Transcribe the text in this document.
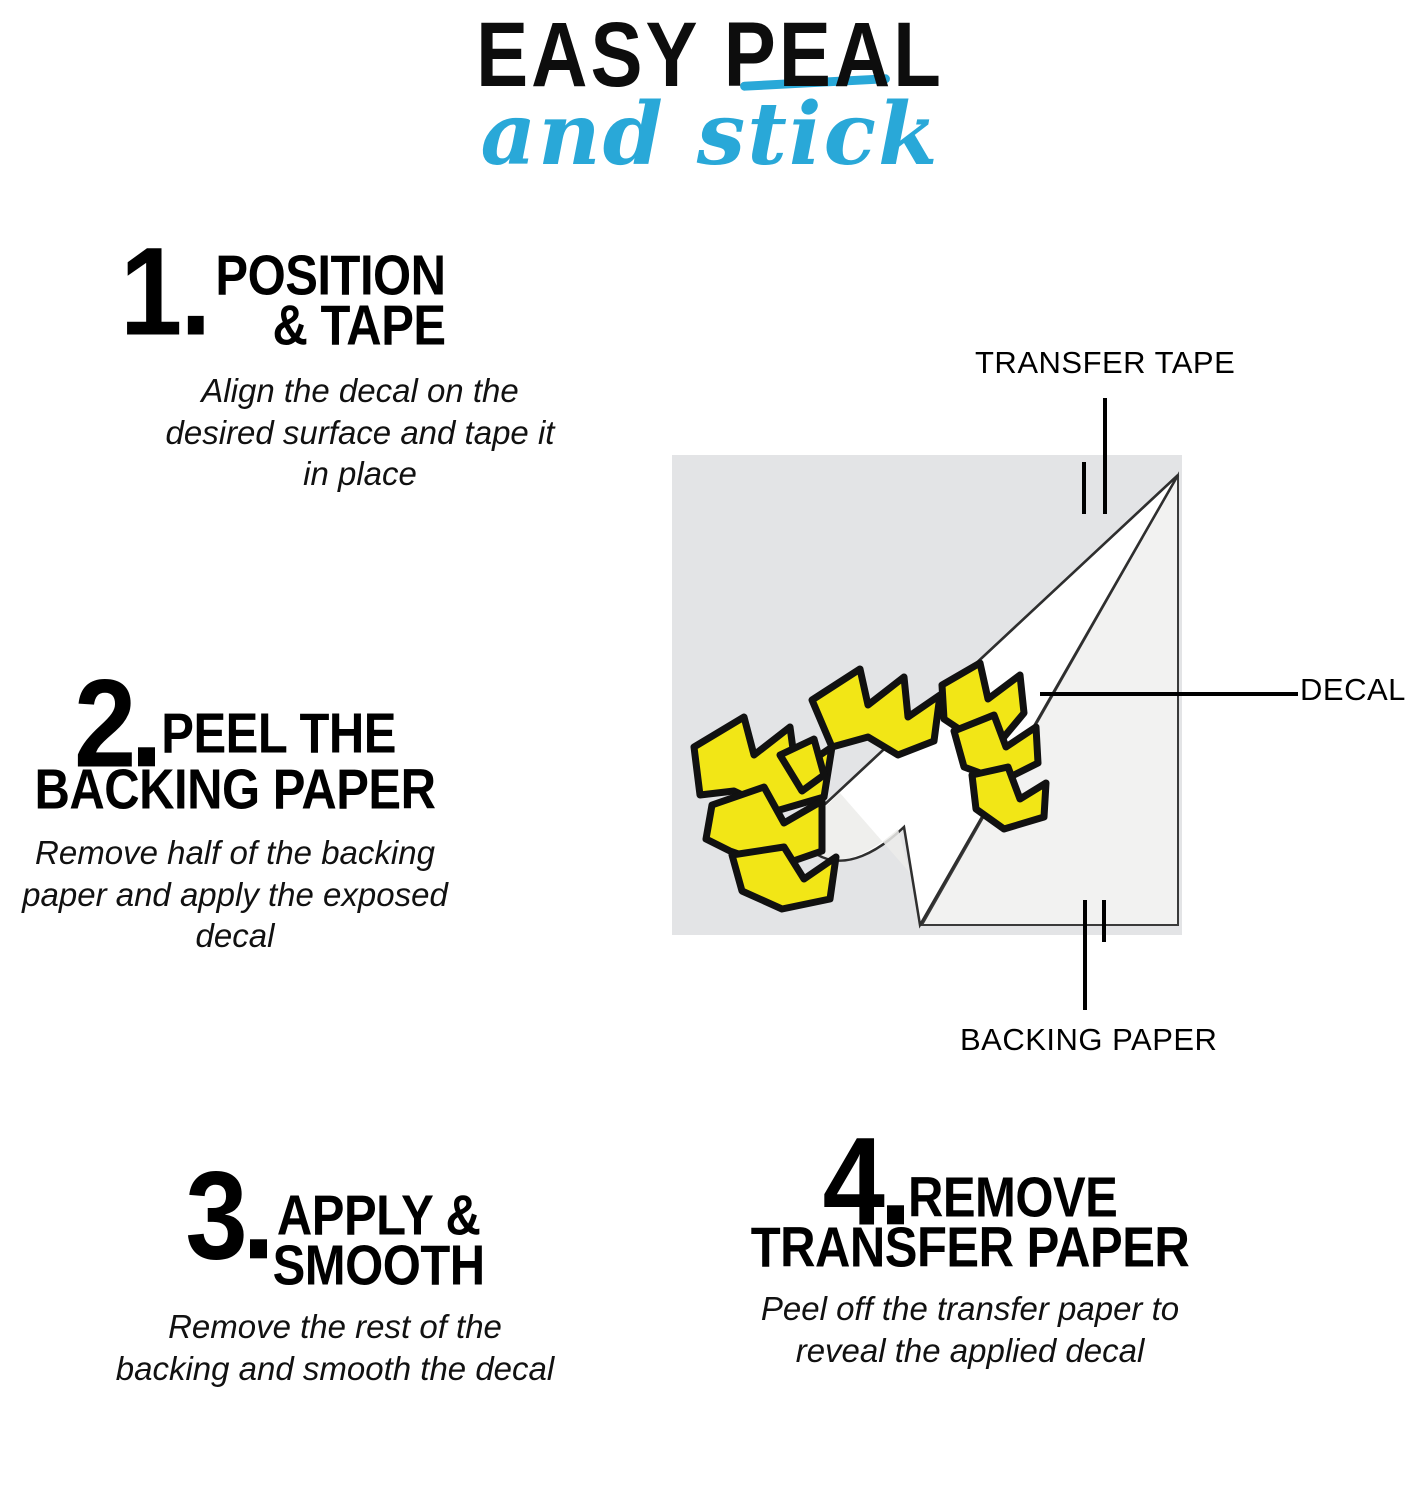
EASY PEAL
and stick
1. POSITION
& TAPE
Align the decal on the desired surface and tape it in place
2 PEEL THE
BACKING PAPER
Remove half of the backing paper and apply the exposed decal
3 APPLY &
SMOOTH
Remove the rest of the backing and smooth the decal
4 REMOVE
TRANSFER PAPER
Peel off the transfer paper to reveal the applied decal
TRANSFER TAPE
DECAL
BACKING PAPER
